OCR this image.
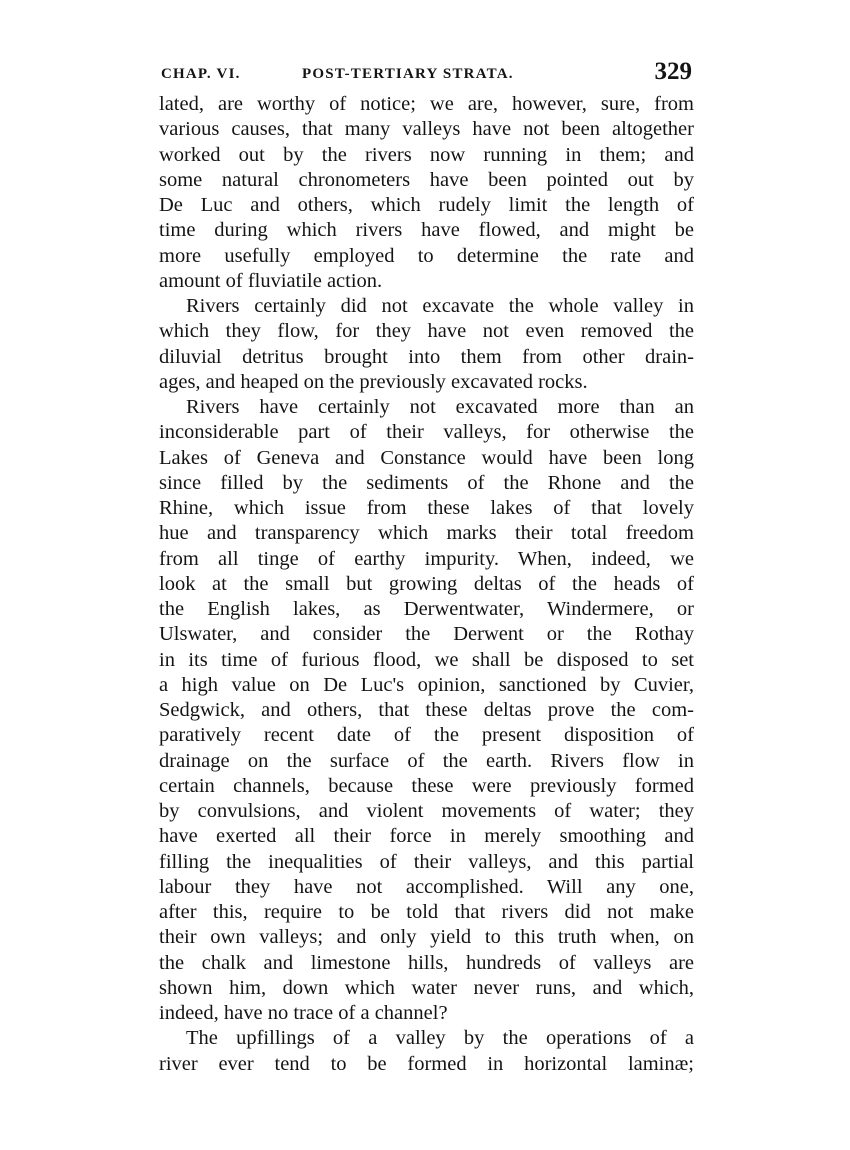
CHAP. VI.	POST-TERTIARY STRATA.	329
lated, are worthy of notice; we are, however, sure, from
various causes, that many valleys have not been altogether
worked out by the rivers now running in them; and
some natural chronometers have been pointed out by
De Luc and others, which rudely limit the length of
time during which rivers have flowed, and might be
more usefully employed to determine the rate and
amount of fluviatile action.
Rivers certainly did not excavate the whole valley in
which they flow, for they have not even removed the
diluvial detritus brought into them from other drain-
ages, and heaped on the previously excavated rocks.
Rivers have certainly not excavated more than an
inconsiderable part of their valleys, for otherwise the
Lakes of Geneva and Constance would have been long
since filled by the sediments of the Rhone and the
Rhine, which issue from these lakes of that lovely
hue and transparency which marks their total freedom
from all tinge of earthy impurity. When, indeed, we
look at the small but growing deltas of the heads of
the English lakes, as Derwentwater, Windermere, or
Ulswater, and consider the Derwent or the Rothay
in its time of furious flood, we shall be disposed to set
a high value on De Luc's opinion, sanctioned by Cuvier,
Sedgwick, and others, that these deltas prove the com-
paratively recent date of the present disposition of
drainage on the surface of the earth. Rivers flow in
certain channels, because these were previously formed
by convulsions, and violent movements of water; they
have exerted all their force in merely smoothing and
filling the inequalities of their valleys, and this partial
labour they have not accomplished. Will any one,
after this, require to be told that rivers did not make
their own valleys; and only yield to this truth when, on
the chalk and limestone hills, hundreds of valleys are
shown him, down which water never runs, and which,
indeed, have no trace of a channel?
The upfillings of a valley by the operations of a
river ever tend to be formed in horizontal laminæ;
